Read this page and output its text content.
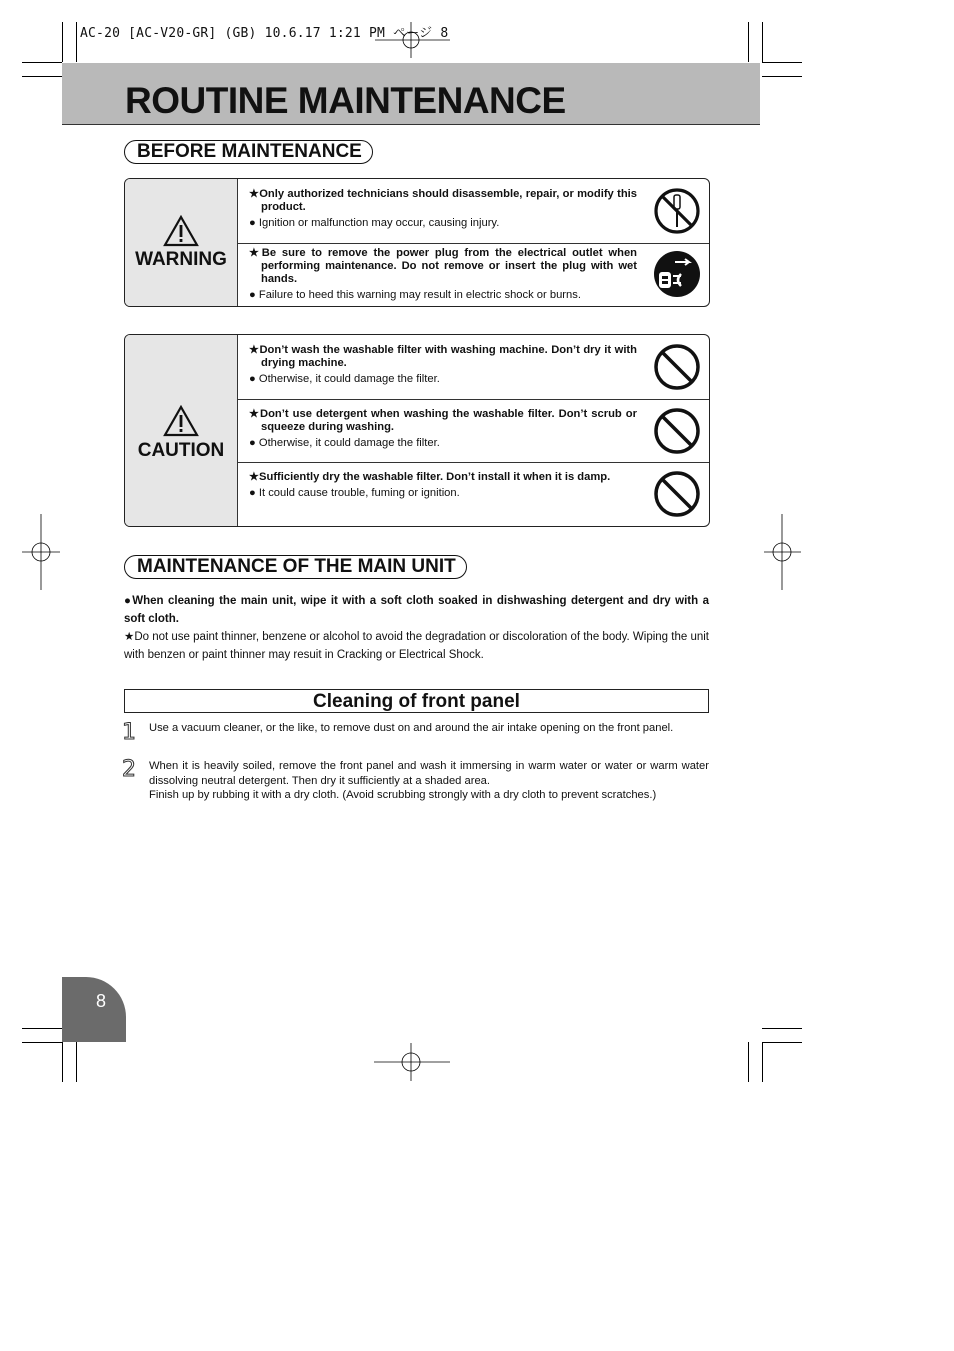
AC-20 [AC-V20-GR] (GB) 10.6.17 1:21 PM ページ 8
ROUTINE MAINTENANCE
BEFORE MAINTENANCE
WARNING
★Only authorized technicians should disassemble, repair, or modify this product.
● Ignition or malfunction may occur, causing injury.
★Be sure to remove the power plug from the electrical outlet when performing maintenance. Do not remove or insert the plug with wet hands.
● Failure to heed this warning may result in electric shock or burns.
CAUTION
★Don’t wash the washable filter with washing machine. Don’t dry it with drying machine.
● Otherwise, it could damage the filter.
★Don’t use detergent when washing the washable filter. Don’t scrub or squeeze during washing.
● Otherwise, it could damage the filter.
★Sufficiently dry the washable filter. Don’t install it when it is damp.
● It could cause trouble, fuming or ignition.
MAINTENANCE OF THE MAIN UNIT
●When cleaning the main unit, wipe it with a soft cloth soaked in dishwashing detergent and dry with a soft cloth.
★Do not use paint thinner, benzene or alcohol to avoid the degradation or discoloration of the body. Wiping the unit with benzen or paint thinner may resuit in Cracking or Electrical Shock.
Cleaning of front panel
1 Use a vacuum cleaner, or the like, to remove dust on and around the air intake opening on the front panel.
2 When it is heavily soiled, remove the front panel and wash it immersing in warm water or water or warm water dissolving neutral detergent. Then dry it sufficiently at a shaded area.
Finish up by rubbing it with a dry cloth. (Avoid scrubbing strongly with a dry cloth to prevent scratches.)
8
